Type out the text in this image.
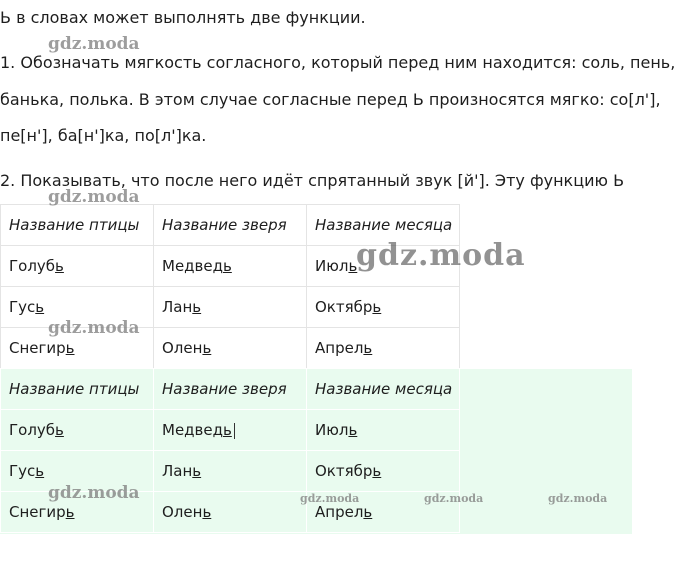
Ь в словах может выполнять две функции.
1. Обозначать мягкость согласного, который перед ним находится: соль, пень,
банька, полька. В этом случае согласные перед Ь произносятся мягко: со[л'],
пе[н'], ба[н']ка, по[л']ка.
2. Показывать, что после него идёт спрятанный звук [й']. Эту функцию Ь
Название птицы	Название зверя	Название месяца
Голубь	Медведь	Июль
Гусь	Лань	Октябрь
Снегирь	Олень	Апрель
Название птицы	Название зверя	Название месяца
Голубь	Медведь	Июль
Гусь	Лань	Октябрь
Снегирь	Олень	Апрель
gdz.moda
gdz.moda
gdz.moda
gdz.moda
gdz.moda	gdz.moda	gdz.moda	gdz.moda
